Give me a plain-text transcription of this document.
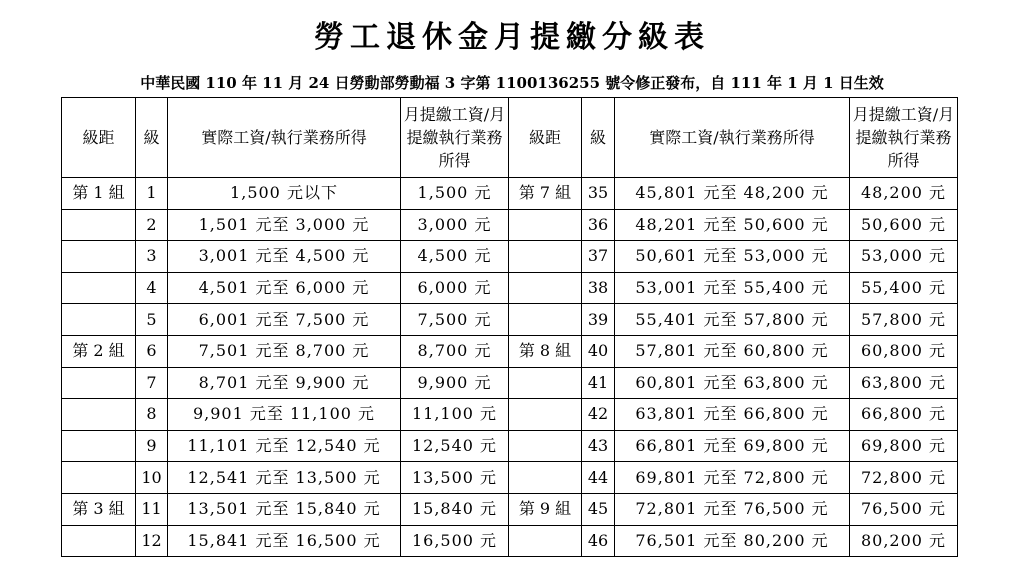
勞工退休金月提繳分級表
中華民國 110 年 11 月 24 日勞動部勞動福 3 字第 1100136255 號令修正發布，自 111 年 1 月 1 日生效
級距	級	實際工資/執行業務所得	月提繳工資/月提繳執行業務所得	級距	級	實際工資/執行業務所得	月提繳工資/月提繳執行業務所得
第 1 組	1	1,500 元以下	1,500 元	第 7 組	35	45,801 元至 48,200 元	48,200 元
	2	1,501 元至 3,000 元	3,000 元		36	48,201 元至 50,600 元	50,600 元
	3	3,001 元至 4,500 元	4,500 元		37	50,601 元至 53,000 元	53,000 元
	4	4,501 元至 6,000 元	6,000 元		38	53,001 元至 55,400 元	55,400 元
	5	6,001 元至 7,500 元	7,500 元		39	55,401 元至 57,800 元	57,800 元
第 2 組	6	7,501 元至 8,700 元	8,700 元	第 8 組	40	57,801 元至 60,800 元	60,800 元
	7	8,701 元至 9,900 元	9,900 元		41	60,801 元至 63,800 元	63,800 元
	8	9,901 元至 11,100 元	11,100 元		42	63,801 元至 66,800 元	66,800 元
	9	11,101 元至 12,540 元	12,540 元		43	66,801 元至 69,800 元	69,800 元
	10	12,541 元至 13,500 元	13,500 元		44	69,801 元至 72,800 元	72,800 元
第 3 組	11	13,501 元至 15,840 元	15,840 元	第 9 組	45	72,801 元至 76,500 元	76,500 元
	12	15,841 元至 16,500 元	16,500 元		46	76,501 元至 80,200 元	80,200 元
